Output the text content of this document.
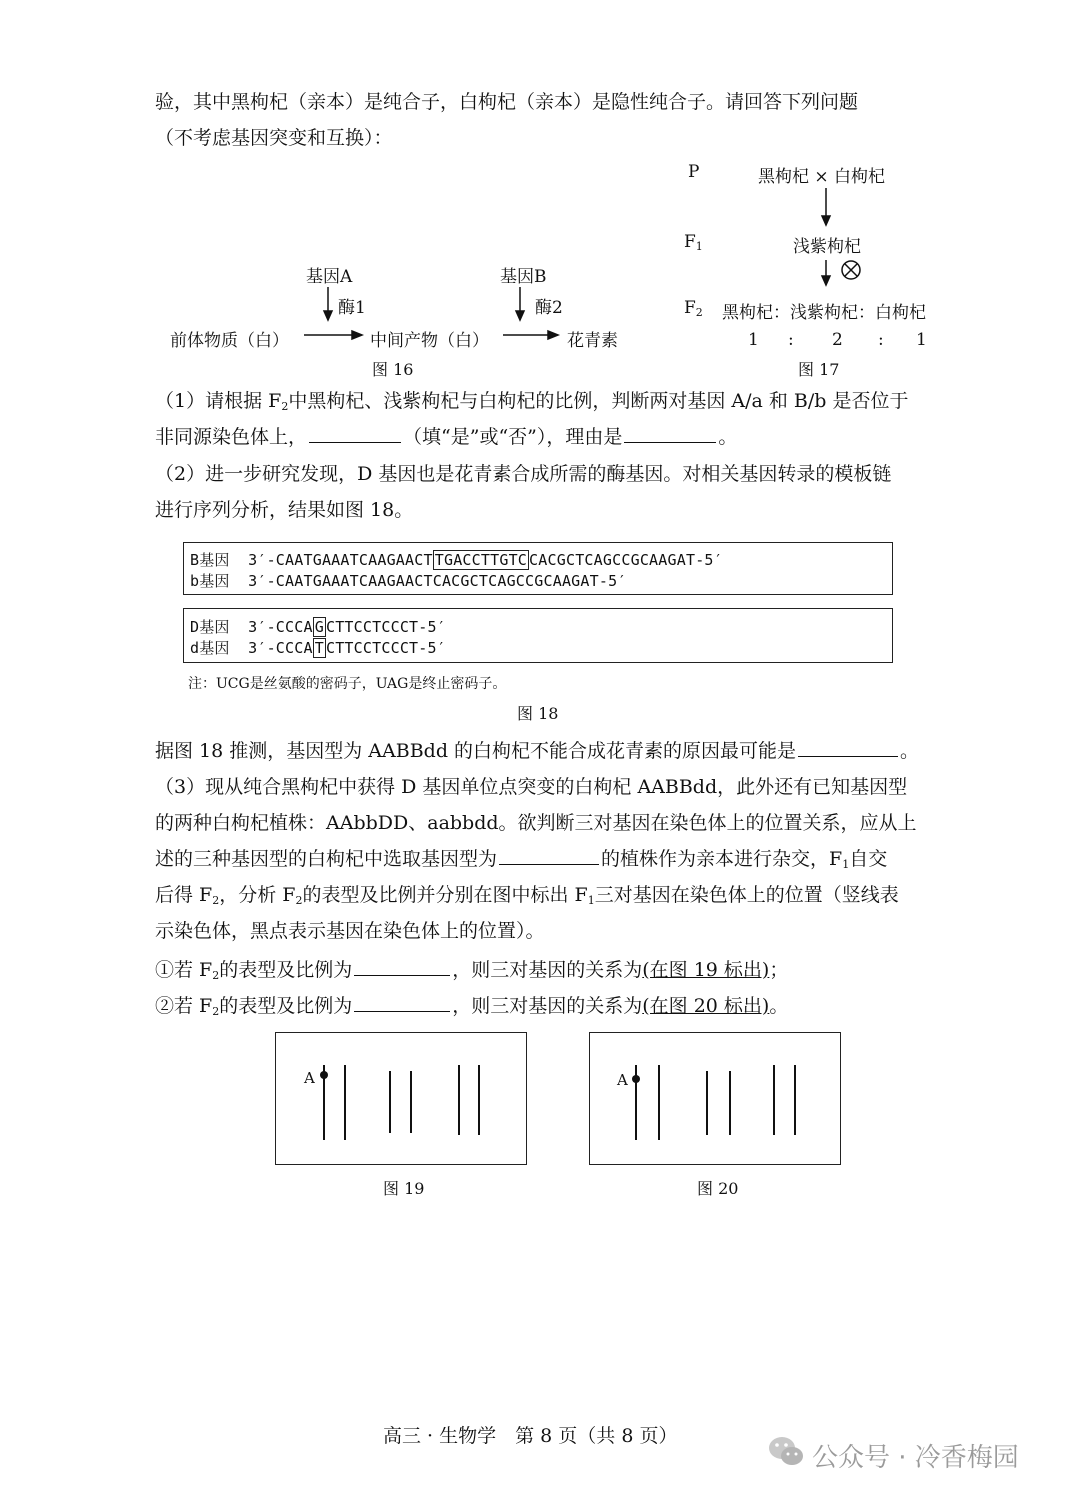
验，其中黑枸杞（亲本）是纯合子，白枸杞（亲本）是隐性纯合子。请回答下列问题
（不考虑基因突变和互换）：
基因A
酶1
基因B
酶2
前体物质（白）	中间产物（白）	花青素
图 16
P	黑枸杞 × 白枸杞
$F_1$	浅紫枸杞
$F_2$ 黑枸杞：浅紫枸杞：白枸杞
1 : 2 : 1
图 17
（1）请根据 $F_2$中黑枸杞、浅紫枸杞与白枸杞的比例，判断两对基因 A/a 和 B/b 是否位于
非同源染色体上，	（填“是”或“否”），理由是	。
（2）进一步研究发现，D 基因也是花青素合成所需的酶基因。对相关基因转录的模板链
进行序列分析，结果如图 18。
B基因 3′-CAATGAAATCAAGAACT TGACCTTGTC CACGCTCAGCCGCAAGAT-5′
b基因 3′-CAATGAAATCAAGAACTCACGCTCAGCCGCAAGAT-5′
D基因 3′-CCCA G CTTCCTCCCT-5′
d基因 3′-CCCA T CTTCCTCCCT-5′
注：UCG是丝氨酸的密码子，UAG是终止密码子。
图 18
据图 18 推测，基因型为 AABBdd 的白枸杞不能合成花青素的原因最可能是	。
（3）现从纯合黑枸杞中获得 D 基因单位点突变的白枸杞 AABBdd，此外还有已知基因型
的两种白枸杞植株：AAbbDD、aabbdd。欲判断三对基因在染色体上的位置关系，应从上
述的三种基因型的白枸杞中选取基因型为	的植株作为亲本进行杂交，$F_1$自交
后得 $F_2$，分析 $F_2$的表型及比例并分别在图中标出 $F_1$三对基因在染色体上的位置（竖线表
示染色体，黑点表示基因在染色体上的位置）。
①若 $F_2$的表型及比例为	，则三对基因的关系为(在图 19 标出)；
②若 $F_2$的表型及比例为	，则三对基因的关系为(在图 20 标出)。
A
图 19
A
图 20
高三 · 生物学　第 8 页（共 8 页）
公众号 · 冷香梅园
